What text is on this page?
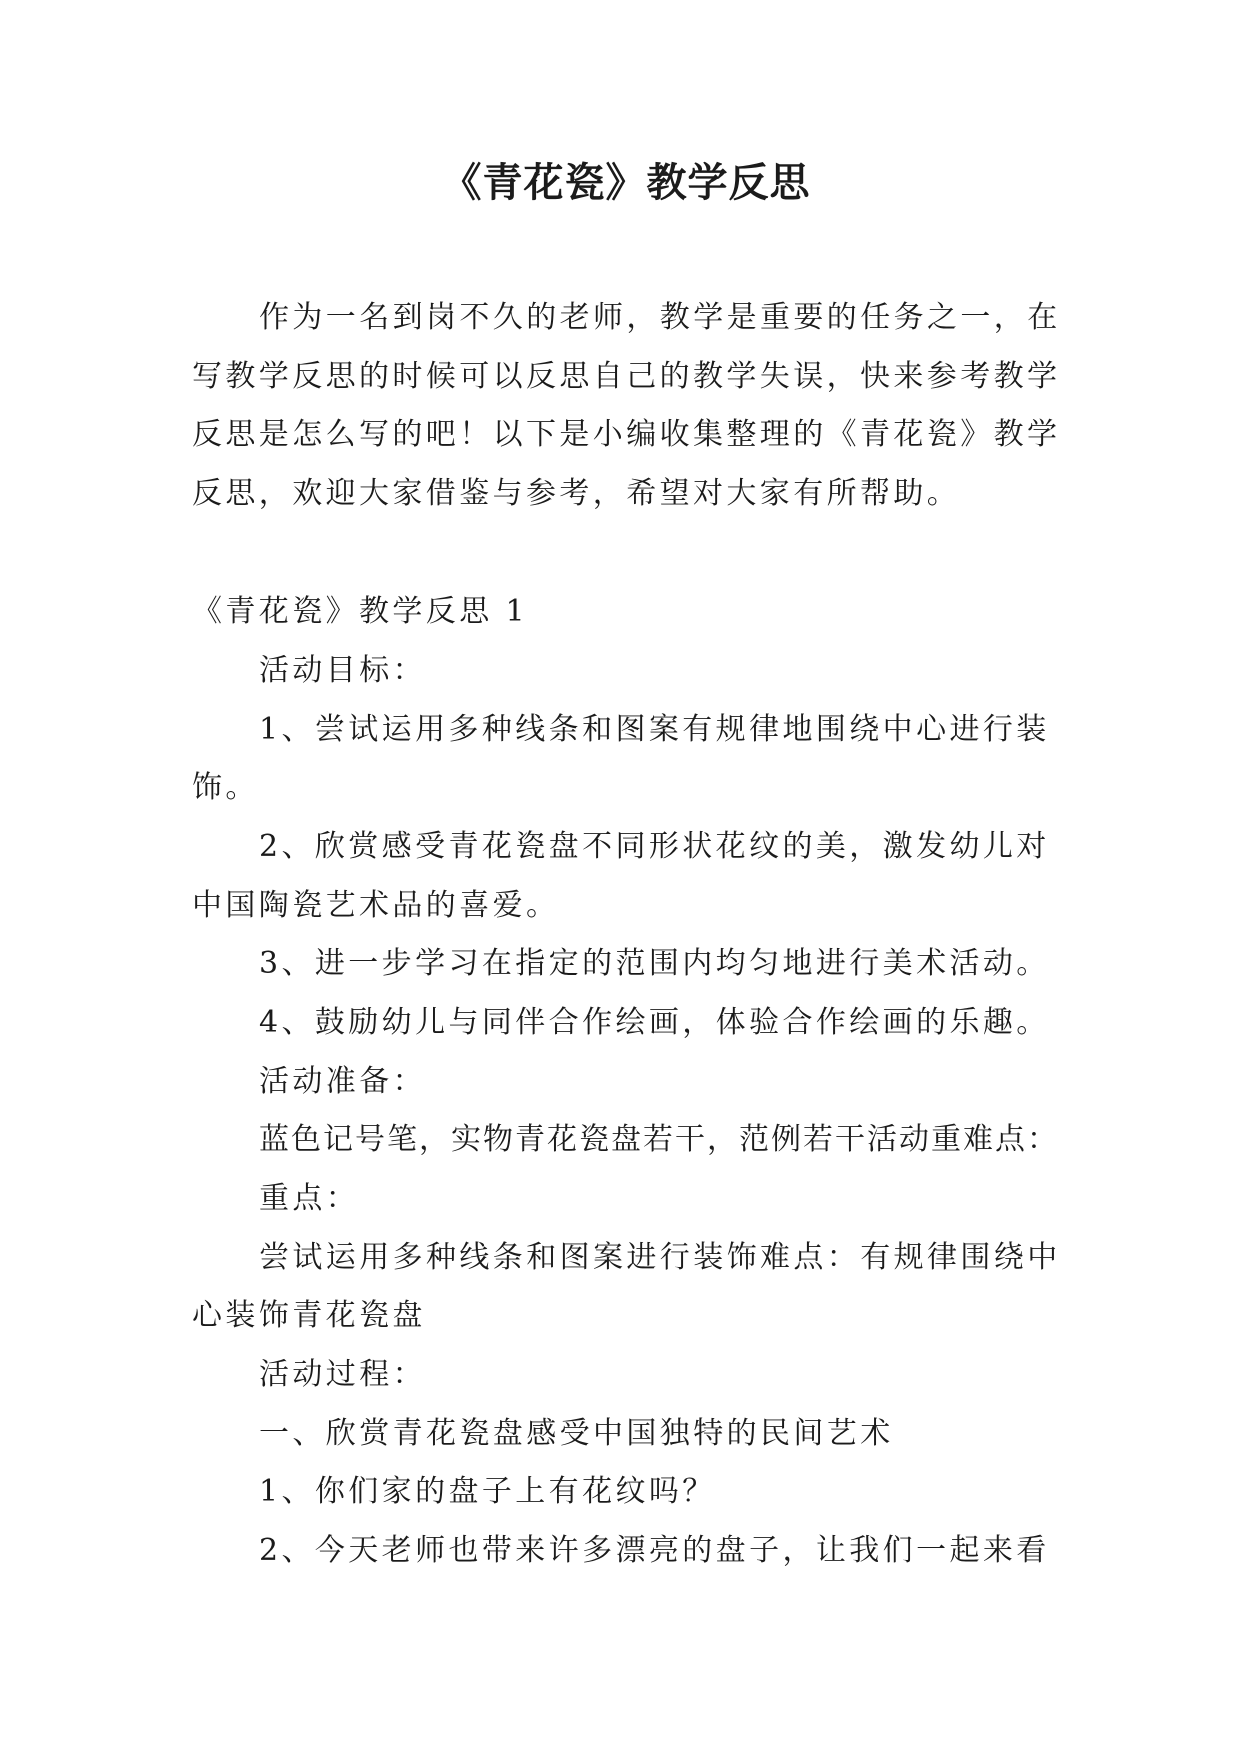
《青花瓷》教学反思
作为一名到岗不久的老师，教学是重要的任务之一，在
写教学反思的时候可以反思自己的教学失误，快来参考教学
反思是怎么写的吧！以下是小编收集整理的《青花瓷》教学
反思，欢迎大家借鉴与参考，希望对大家有所帮助。
《青花瓷》教学反思 1
活动目标：
1、尝试运用多种线条和图案有规律地围绕中心进行装
饰。
2、欣赏感受青花瓷盘不同形状花纹的美，激发幼儿对
中国陶瓷艺术品的喜爱。
3、进一步学习在指定的范围内均匀地进行美术活动。
4、鼓励幼儿与同伴合作绘画，体验合作绘画的乐趣。
活动准备：
蓝色记号笔，实物青花瓷盘若干，范例若干活动重难点：
重点：
尝试运用多种线条和图案进行装饰难点：有规律围绕中
心装饰青花瓷盘
活动过程：
一、欣赏青花瓷盘感受中国独特的民间艺术
1、你们家的盘子上有花纹吗？
2、今天老师也带来许多漂亮的盘子，让我们一起来看
